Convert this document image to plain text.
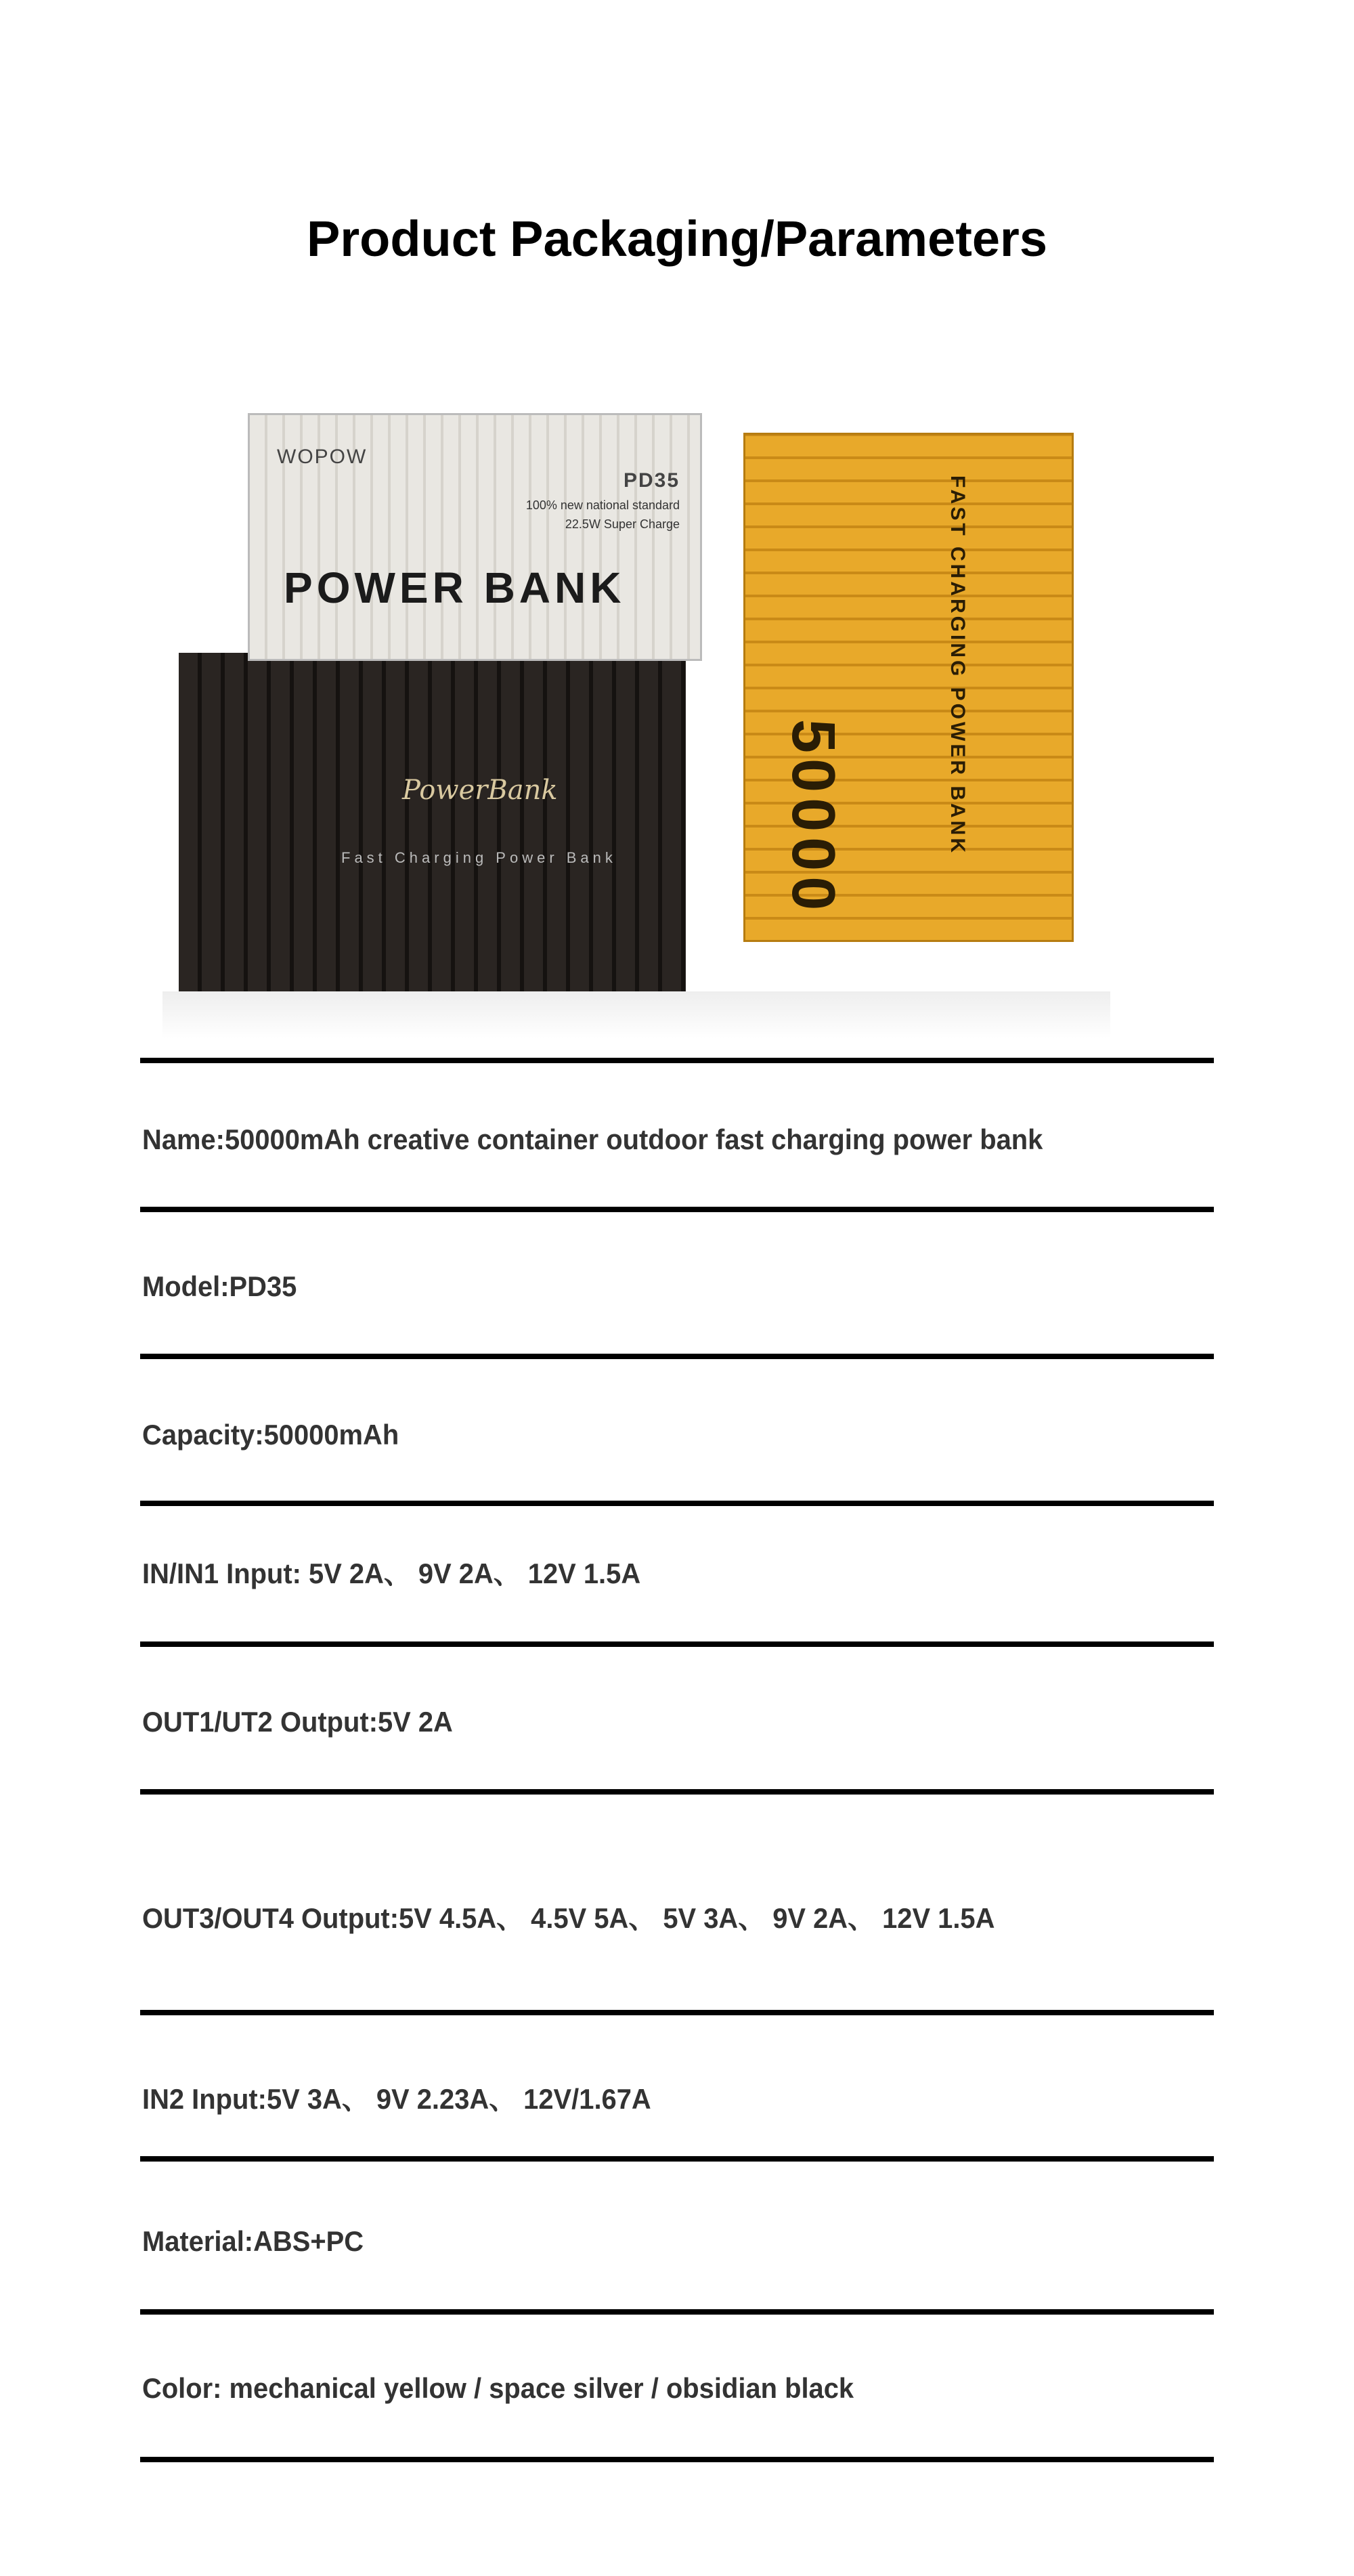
Product Packaging/Parameters
FAST CHARGING POWER BANK
50000
PowerBank
Fast Charging Power Bank
WOPOW
PD35
100% new national standard
22.5W Super Charge
POWER BANK
Name:50000mAh creative container outdoor fast charging power bank
Model:PD35
Capacity:50000mAh
IN/IN1 Input: 5V 2A、 9V 2A、 12V 1.5A
OUT1/UT2 Output:5V 2A
OUT3/OUT4 Output:5V 4.5A、 4.5V 5A、 5V 3A、 9V 2A、 12V 1.5A
IN2 Input:5V 3A、 9V 2.23A、 12V/1.67A
Material:ABS+PC
Color: mechanical yellow / space silver / obsidian black
